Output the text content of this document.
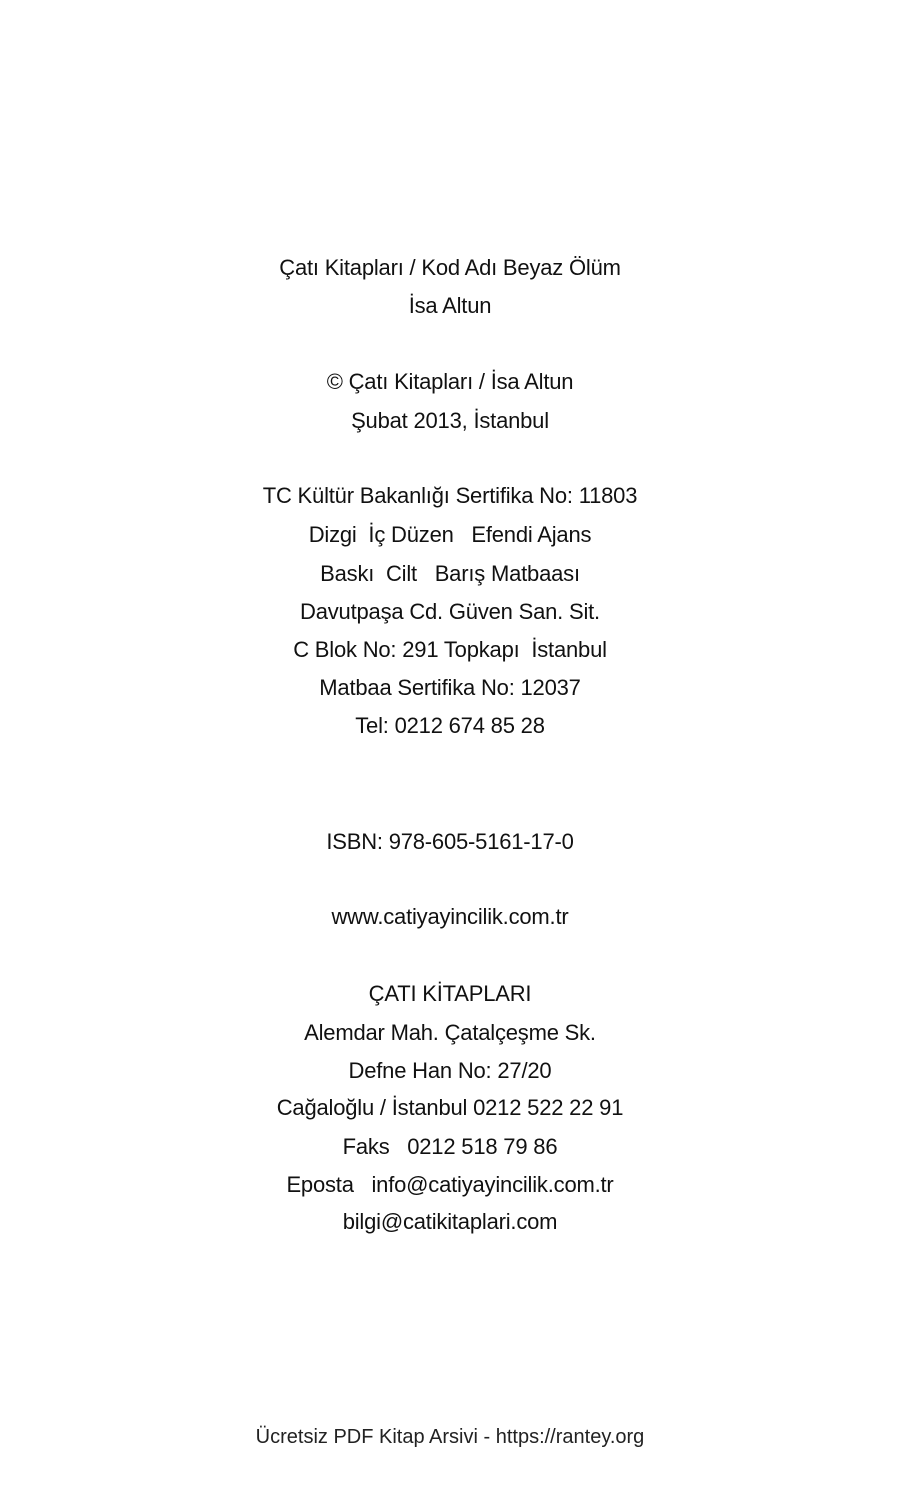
Çatı Kitapları / Kod Adı Beyaz Ölüm
İsa Altun
© Çatı Kitapları / İsa Altun
Şubat 2013, İstanbul
TC Kültür Bakanlığı Sertifika No: 11803
Dizgi  İç Düzen   Efendi Ajans
Baskı  Cilt   Barış Matbaası
Davutpaşa Cd. Güven San. Sit.
C Blok No: 291 Topkapı  İstanbul
Matbaa Sertifika No: 12037
Tel: 0212 674 85 28
ISBN: 978-605-5161-17-0
www.catiyayincilik.com.tr
ÇATI KİTAPLARI
Alemdar Mah. Çatalçeşme Sk.
Defne Han No: 27/20
Cağaloğlu / İstanbul 0212 522 22 91
Faks   0212 518 79 86
Eposta   info@catiyayincilik.com.tr
bilgi@catikitaplari.com
Ücretsiz PDF Kitap Arsivi - https://rantey.org
